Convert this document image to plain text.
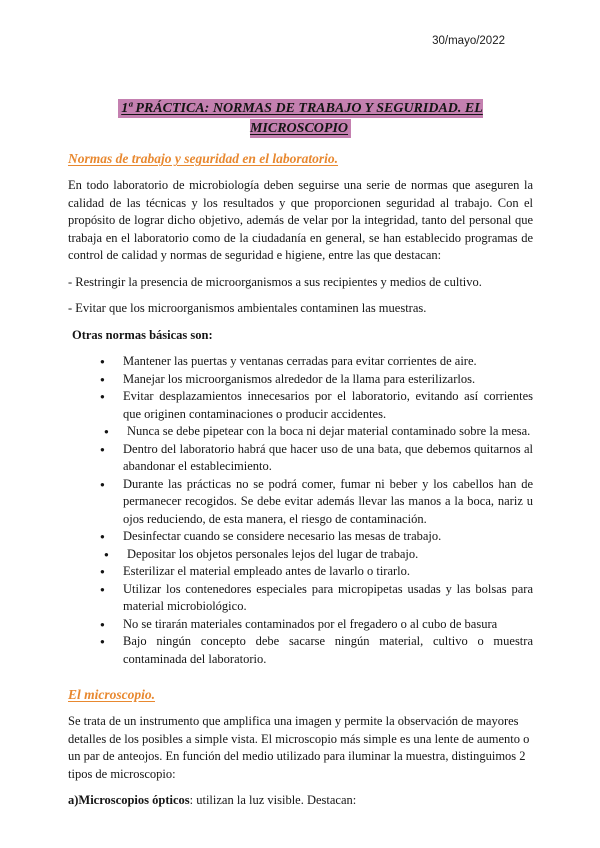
30/mayo/2022
1ª PRÁCTICA: NORMAS DE TRABAJO Y SEGURIDAD. EL MICROSCOPIO
Normas de trabajo y seguridad en el laboratorio.

En todo laboratorio de microbiología deben seguirse una serie de normas que aseguren la calidad de las técnicas y los resultados y que proporcionen seguridad al trabajo. Con el propósito de lograr dicho objetivo, además de velar por la integridad, tanto del personal que trabaja en el laboratorio como de la ciudadanía en general, se han establecido programas de control de calidad y normas de seguridad e higiene, entre las que destacan:

- Restringir la presencia de microorganismos a sus recipientes y medios de cultivo.

- Evitar que los microorganismos ambientales contaminen las muestras.

Otras normas básicas son:

● Mantener las puertas y ventanas cerradas para evitar corrientes de aire.
● Manejar los microorganismos alrededor de la llama para esterilizarlos.
● Evitar desplazamientos innecesarios por el laboratorio, evitando así corrientes que originen contaminaciones o producir accidentes.
● Nunca se debe pipetear con la boca ni dejar material contaminado sobre la mesa.
● Dentro del laboratorio habrá que hacer uso de una bata, que debemos quitarnos al abandonar el establecimiento.
● Durante las prácticas no se podrá comer, fumar ni beber y los cabellos han de permanecer recogidos. Se debe evitar además llevar las manos a la boca, nariz u ojos reduciendo, de esta manera, el riesgo de contaminación.
● Desinfectar cuando se considere necesario las mesas de trabajo.
● Depositar los objetos personales lejos del lugar de trabajo.
● Esterilizar el material empleado antes de lavarlo o tirarlo.
● Utilizar los contenedores especiales para micropipetas usadas y las bolsas para material microbiológico.
● No se tirarán materiales contaminados por el fregadero o al cubo de basura
● Bajo ningún concepto debe sacarse ningún material, cultivo o muestra contaminada del laboratorio.
El microscopio.

Se trata de un instrumento que amplifica una imagen y permite la observación de mayores detalles de los posibles a simple vista. El microscopio más simple es una lente de aumento o un par de anteojos. En función del medio utilizado para iluminar la muestra, distinguimos 2 tipos de microscopio:

a)Microscopios ópticos: utilizan la luz visible. Destacan:
